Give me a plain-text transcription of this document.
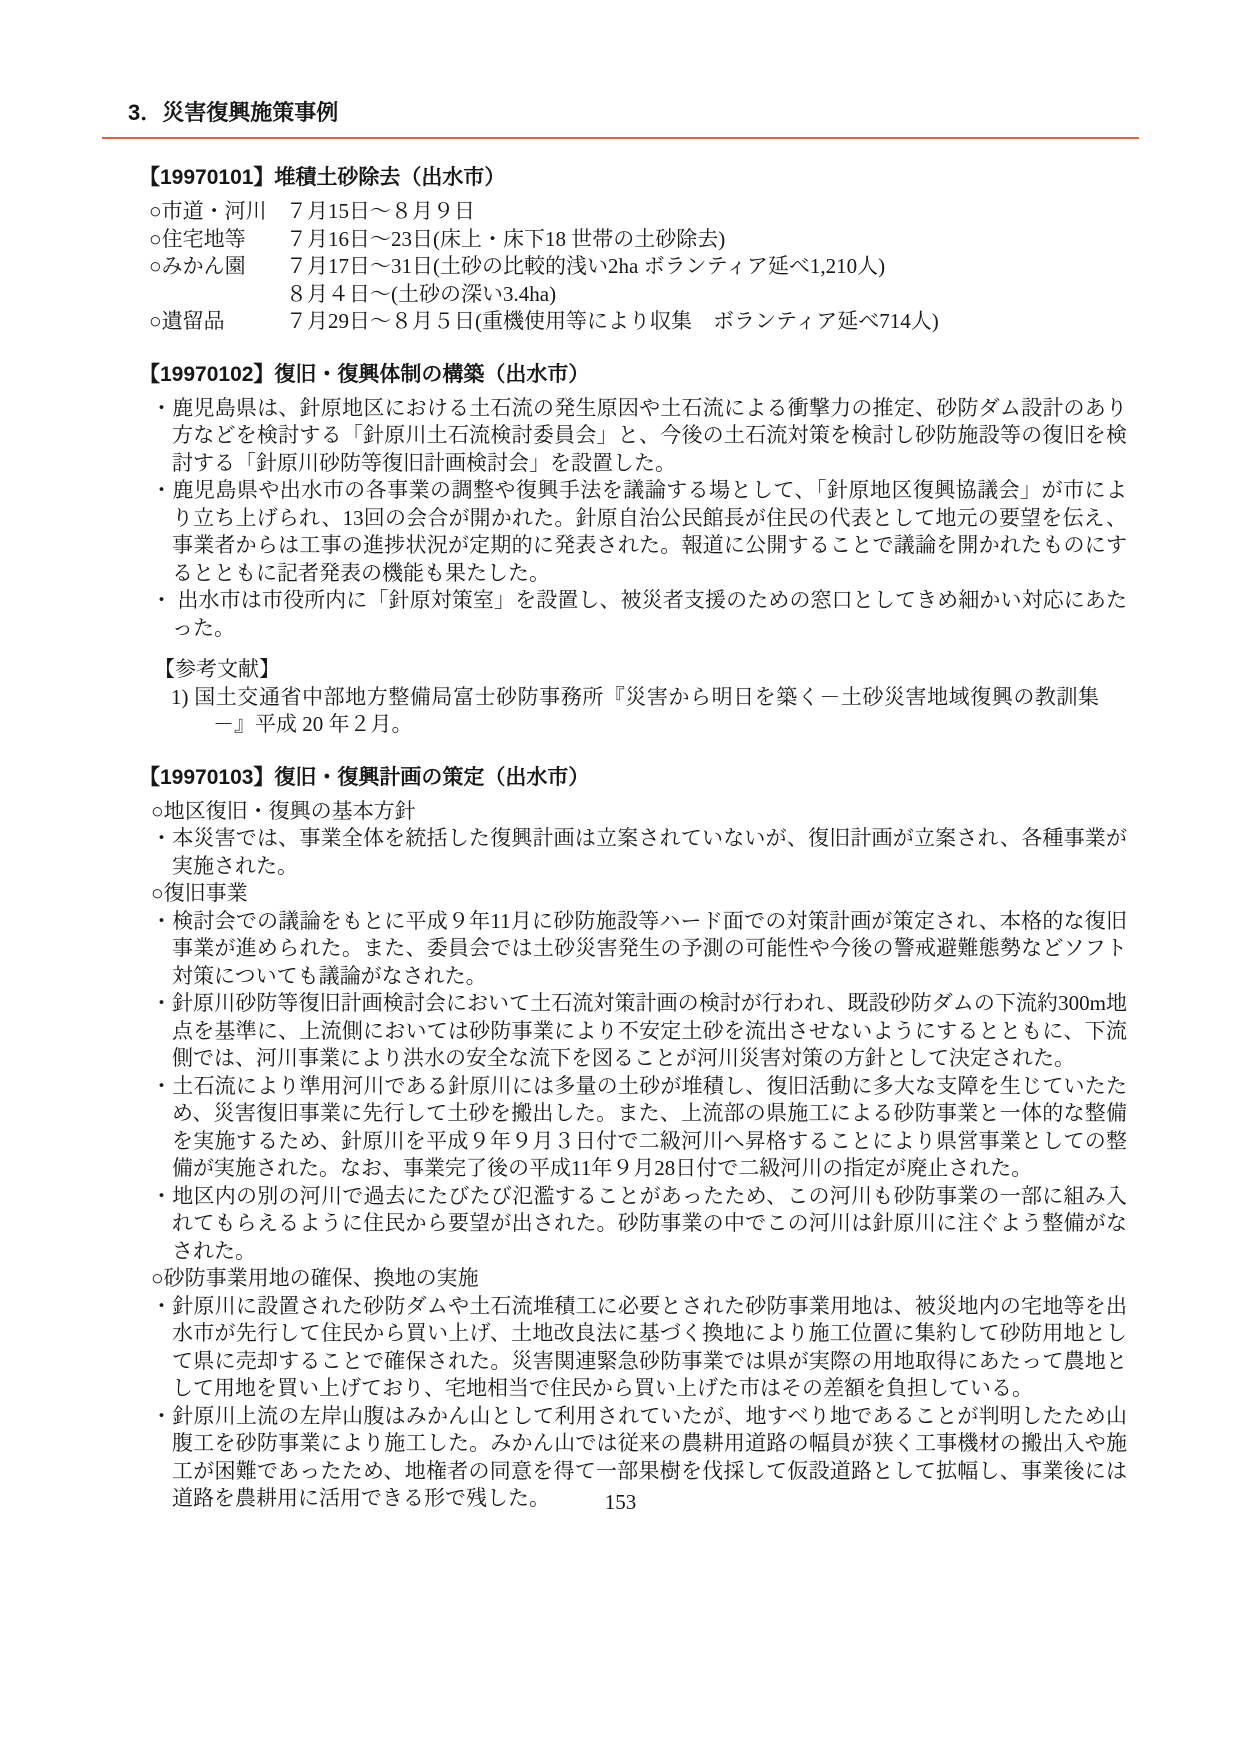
3．災害復興施策事例
【19970101】堆積土砂除去（出水市）
○市道・河川 ７月15日～８月９日
○住宅地等	７月16日～23日(床上・床下18 世帯の土砂除去)
○みかん園	７月17日～31日(土砂の比較的浅い2ha ボランティア延べ1,210人)
８月４日～(土砂の深い3.4ha)
○遺留品	７月29日～８月５日(重機使用等により収集　ボランティア延べ714人)
【19970102】復旧・復興体制の構築（出水市）

・鹿児島県は、針原地区における土石流の発生原因や土石流による衝撃力の推定、砂防ダム設計のあり方などを検討する「針原川土石流検討委員会」と、今後の土石流対策を検討し砂防施設等の復旧を検討する「針原川砂防等復旧計画検討会」を設置した。

・鹿児島県や出水市の各事業の調整や復興手法を議論する場として、「針原地区復興協議会」が市により立ち上げられ、13回の会合が開かれた。針原自治公民館長が住民の代表として地元の要望を伝え、事業者からは工事の進捗状況が定期的に発表された。報道に公開することで議論を開かれたものにするとともに記者発表の機能も果たした。

・ 出水市は市役所内に「針原対策室」を設置し、被災者支援のための窓口としてきめ細かい対応にあたった。

【参考文献】

1) 国土交通省中部地方整備局富士砂防事務所『災害から明日を築く－土砂災害地域復興の教訓集－』平成 20 年２月。

【19970103】復旧・復興計画の策定（出水市）

○地区復旧・復興の基本方針

・本災害では、事業全体を統括した復興計画は立案されていないが、復旧計画が立案され、各種事業が実施された。

○復旧事業

・検討会での議論をもとに平成９年11月に砂防施設等ハード面での対策計画が策定され、本格的な復旧事業が進められた。また、委員会では土砂災害発生の予測の可能性や今後の警戒避難態勢などソフト対策についても議論がなされた。

・針原川砂防等復旧計画検討会において土石流対策計画の検討が行われ、既設砂防ダムの下流約300m地点を基準に、上流側においては砂防事業により不安定土砂を流出させないようにするとともに、下流側では、河川事業により洪水の安全な流下を図ることが河川災害対策の方針として決定された。

・土石流により準用河川である針原川には多量の土砂が堆積し、復旧活動に多大な支障を生じていたため、災害復旧事業に先行して土砂を搬出した。また、上流部の県施工による砂防事業と一体的な整備を実施するため、針原川を平成９年９月３日付で二級河川へ昇格することにより県営事業としての整備が実施された。なお、事業完了後の平成11年９月28日付で二級河川の指定が廃止された。

・地区内の別の河川で過去にたびたび氾濫することがあったため、この河川も砂防事業の一部に組み入れてもらえるように住民から要望が出された。砂防事業の中でこの河川は針原川に注ぐよう整備がなされた。

○砂防事業用地の確保、換地の実施

・針原川に設置された砂防ダムや土石流堆積工に必要とされた砂防事業用地は、被災地内の宅地等を出水市が先行して住民から買い上げ、土地改良法に基づく換地により施工位置に集約して砂防用地として県に売却することで確保された。災害関連緊急砂防事業では県が実際の用地取得にあたって農地として用地を買い上げており、宅地相当で住民から買い上げた市はその差額を負担している。

・針原川上流の左岸山腹はみかん山として利用されていたが、地すべり地であることが判明したため山腹工を砂防事業により施工した。みかん山では従来の農耕用道路の幅員が狭く工事機材の搬出入や施工が困難であったため、地権者の同意を得て一部果樹を伐採して仮設道路として拡幅し、事業後には道路を農耕用に活用できる形で残した。	153
